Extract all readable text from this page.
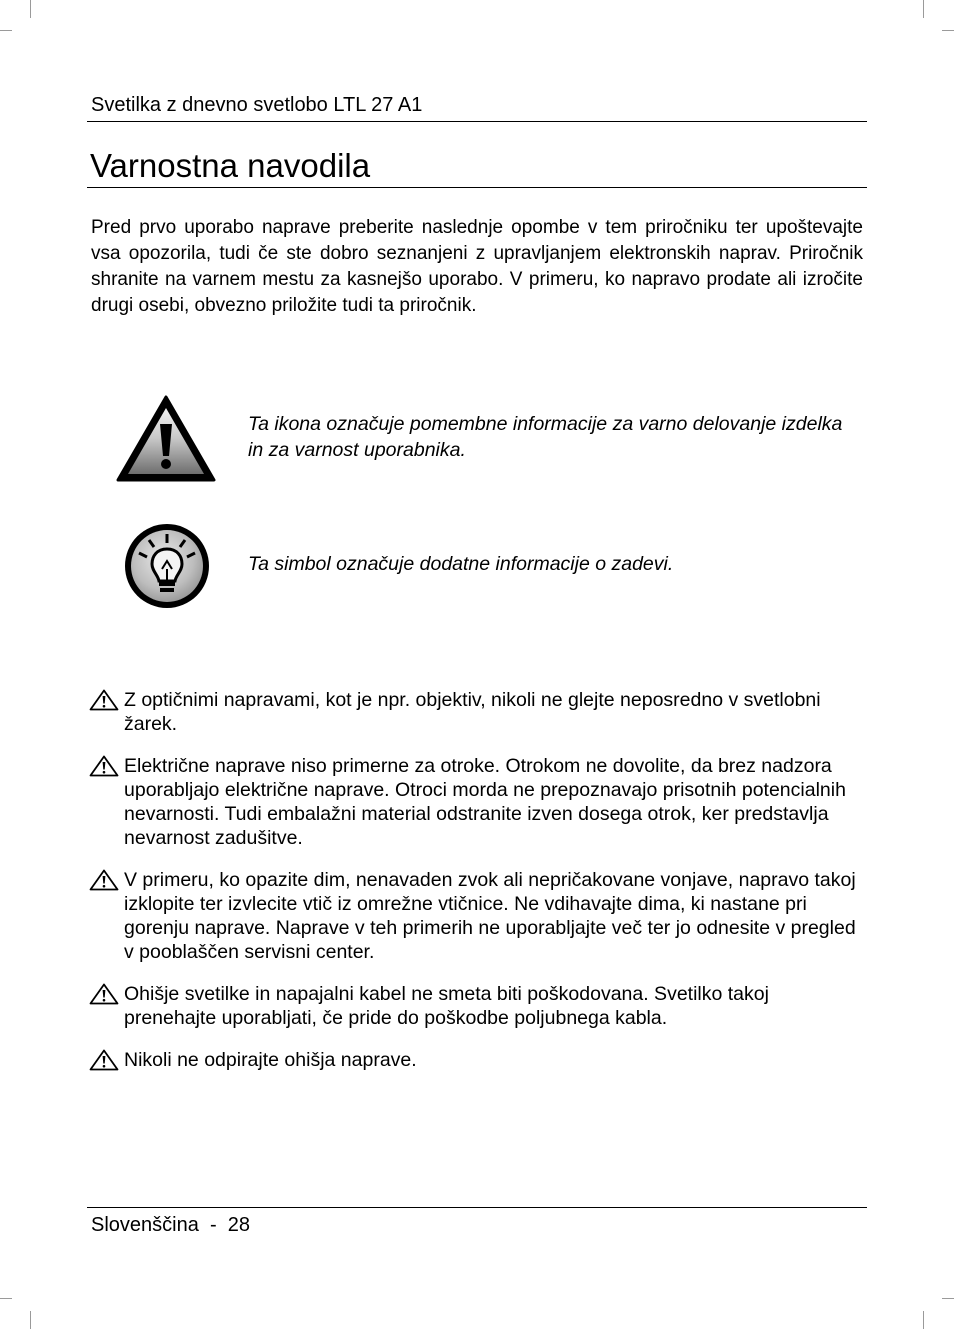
Svetilka z dnevno svetlobo LTL 27 A1
Varnostna navodila

Pred prvo uporabo naprave preberite naslednje opombe v tem priročniku ter upoštevajte vsa opozorila, tudi če ste dobro seznanjeni z upravljanjem elektronskih naprav. Priročnik shranite na varnem mestu za kasnejšo uporabo. V primeru, ko napravo prodate ali izročite drugi osebi, obvezno priložite tudi ta priročnik.

Ta ikona označuje pomembne informacije za varno delovanje izdelka in za varnost uporabnika.
Ta simbol označuje dodatne informacije o zadevi.
Z optičnimi napravami, kot je npr. objektiv, nikoli ne glejte neposredno v svetlobni žarek.
Električne naprave niso primerne za otroke. Otrokom ne dovolite, da brez nadzora uporabljajo električne naprave. Otroci morda ne prepoznavajo prisotnih potencialnih nevarnosti. Tudi embalažni material odstranite izven dosega otrok, ker predstavlja nevarnost zadušitve.
V primeru, ko opazite dim, nenavaden zvok ali nepričakovane vonjave, napravo takoj izklopite ter izvlecite vtič iz omrežne vtičnice. Ne vdihavajte dima, ki nastane pri gorenju naprave. Naprave v teh primerih ne uporabljajte več ter jo odnesite v pregled v pooblaščen servisni center.
Ohišje svetilke in napajalni kabel ne smeta biti poškodovana. Svetilko takoj prenehajte uporabljati, če pride do poškodbe poljubnega kabla.
Nikoli ne odpirajte ohišja naprave.
Slovenščina - 28
